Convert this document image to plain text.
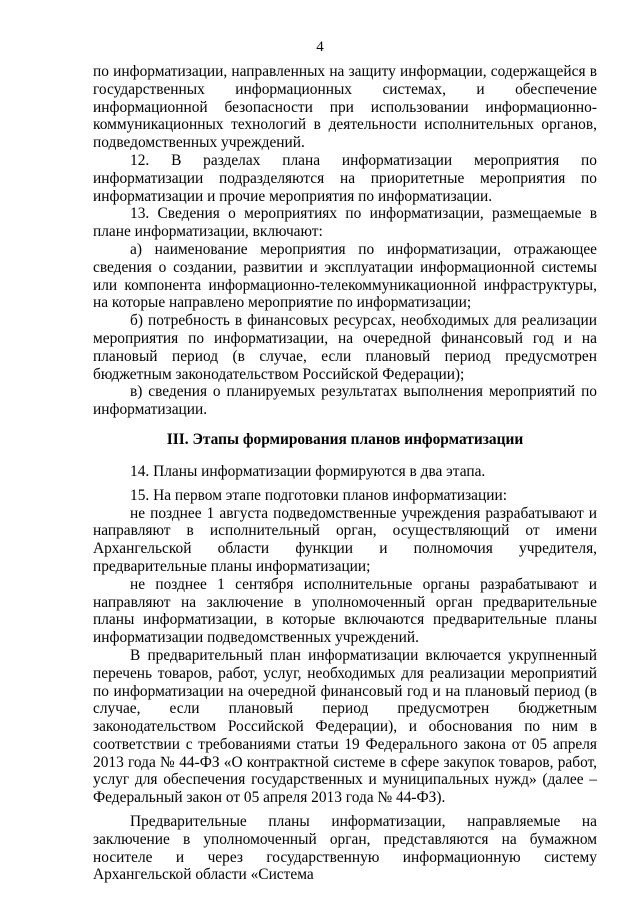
4

по информатизации, направленных на защиту информации, содержащейся в государственных информационных системах, и обеспечение информационной безопасности при использовании информационно-коммуникационных технологий в деятельности исполнительных органов, подведомственных учреждений.

12. В разделах плана информатизации мероприятия по информатизации подразделяются на приоритетные мероприятия по информатизации и прочие мероприятия по информатизации.

13. Сведения о мероприятиях по информатизации, размещаемые в плане информатизации, включают:

а) наименование мероприятия по информатизации, отражающее сведения о создании, развитии и эксплуатации информационной системы или компонента информационно-телекоммуникационной инфраструктуры, на которые направлено мероприятие по информатизации;

б) потребность в финансовых ресурсах, необходимых для реализации мероприятия по информатизации, на очередной финансовый год и на плановый период (в случае, если плановый период предусмотрен бюджетным законодательством Российской Федерации);

в) сведения о планируемых результатах выполнения мероприятий по информатизации.

III. Этапы формирования планов информатизации

14. Планы информатизации формируются в два этапа.

15. На первом этапе подготовки планов информатизации:

не позднее 1 августа подведомственные учреждения разрабатывают и направляют в исполнительный орган, осуществляющий от имени Архангельской области функции и полномочия учредителя, предварительные планы информатизации;

не позднее 1 сентября исполнительные органы разрабатывают и направляют на заключение в уполномоченный орган предварительные планы информатизации, в которые включаются предварительные планы информатизации подведомственных учреждений.

В предварительный план информатизации включается укрупненный перечень товаров, работ, услуг, необходимых для реализации мероприятий по информатизации на очередной финансовый год и на плановый период (в случае, если плановый период предусмотрен бюджетным законодательством Российской Федерации), и обоснования по ним в соответствии с требованиями статьи 19 Федерального закона от 05 апреля 2013 года № 44-ФЗ «О контрактной системе в сфере закупок товаров, работ, услуг для обеспечения государственных и муниципальных нужд» (далее – Федеральный закон от 05 апреля 2013 года № 44-ФЗ).

Предварительные планы информатизации, направляемые на заключение в уполномоченный орган, представляются на бумажном носителе и через государственную информационную систему Архангельской области «Система
